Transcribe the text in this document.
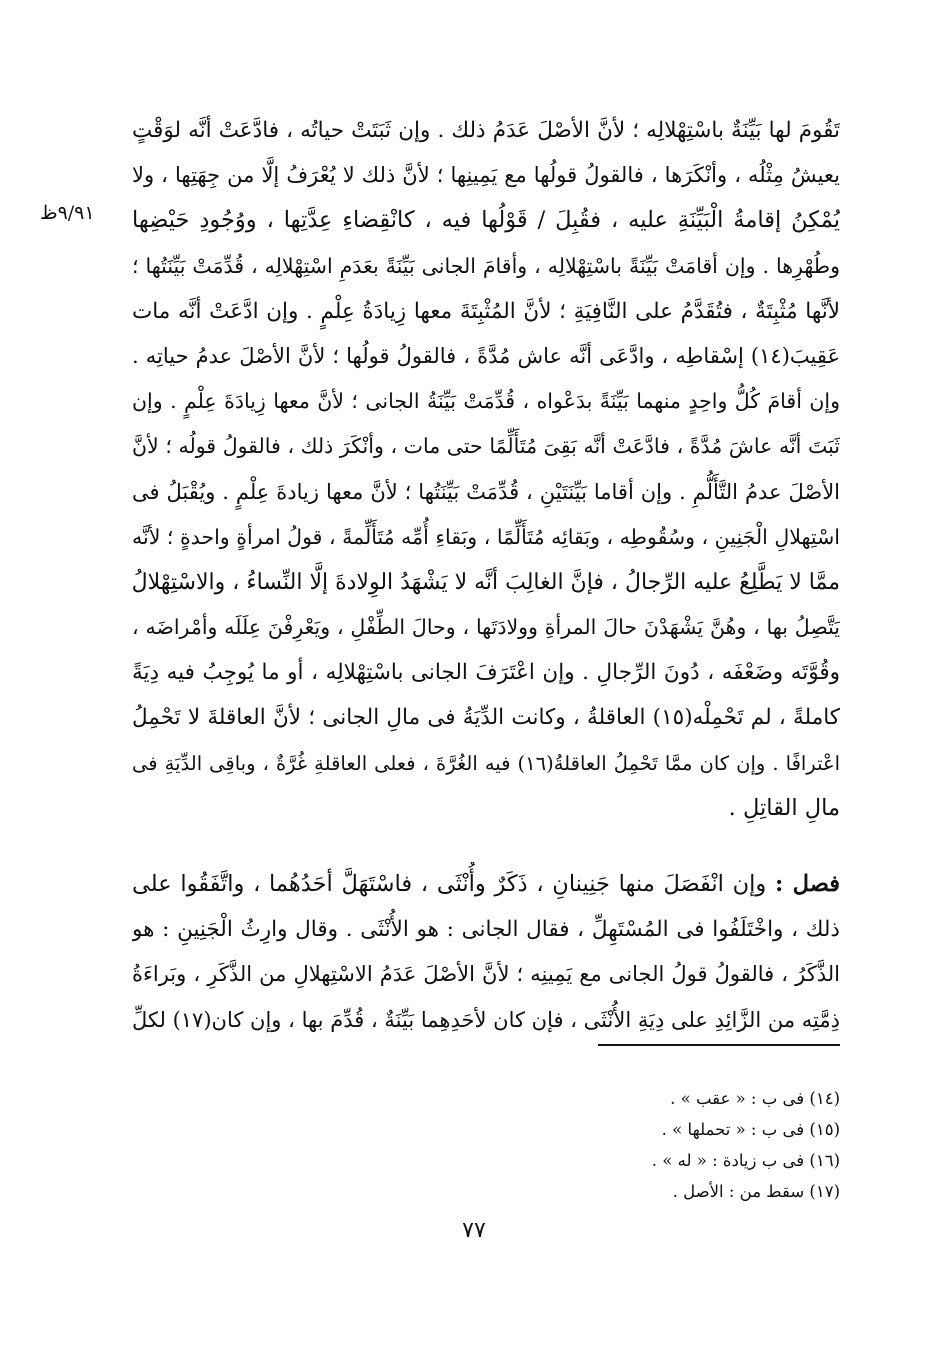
٩/٩١ظ
تَقُومَ لها بَيِّنَةٌ باسْتِهْلالِه ؛ لأنَّ الأصْلَ عَدَمُ ذلك . وإن ثَبَتَتْ حياتُه ، فادَّعَتْ أنَّه لوَقْتٍ
يعيشُ مِثْلُه ، وأنْكَرَها ، فالقولُ قولُها مع يَمِينِها ؛ لأنَّ ذلك لا يُعْرَفُ إلَّا من جِهَتِها ، ولا
يُمْكِنُ إقامةُ الْبَيِّنَةِ عليه ، فقُبِلَ / قَوْلُها فيه ، كانْقِضاءِ عِدَّتِها ، ووُجُودِ حَيْضِها
وطُهْرِها . وإن أقامَتْ بَيِّنَةً باسْتِهْلالِه ، وأقامَ الجانى بَيِّنَةً بعَدَمِ اسْتِهْلالِه ، قُدِّمَتْ بَيِّنَتُها ؛
لأنَّها مُثْبِتَةٌ ، فتُقَدَّمُ على النَّافِيَةِ ؛ لأنَّ المُثْبِتَةَ معها زِيادَةُ عِلْمٍ . وإن ادَّعَتْ أنَّه مات
عَقِيبَ(١٤) إسْقاطِه ، وادَّعَى أنَّه عاش مُدَّةً ، فالقولُ قولُها ؛ لأنَّ الأصْلَ عدمُ حياتِه .
وإن أقامَ كُلُّ واحِدٍ منهما بَيِّنَةً بدَعْواه ، قُدِّمَتْ بَيِّنَةُ الجانى ؛ لأنَّ معها زِيادَةَ عِلْمٍ . وإن
ثَبَتَ أنَّه عاشَ مُدَّةً ، فادَّعَتْ أنَّه بَقِىَ مُتَأَلِّمًا حتى مات ، وأنْكَرَ ذلك ، فالقولُ قولُه ؛ لأنَّ
الأصْلَ عدمُ التَّأَلُّمِ . وإن أقاما بَيِّنَتَيْنِ ، قُدِّمَتْ بَيِّنَتُها ؛ لأنَّ معها زيادةَ عِلْمٍ . ويُقْبَلُ فى
اسْتِهلالِ الْجَنِينِ ، وسُقُوطِه ، وبَقائِه مُتَأَلِّمًا ، وبَقاءِ أُمِّه مُتَأَلِّمةً ، قولُ امرأةٍ واحدةٍ ؛ لأنَّه
ممَّا لا يَطَّلِعُ عليه الرِّجالُ ، فإنَّ الغالِبَ أنَّه لا يَشْهَدُ الوِلادةَ إلَّا النِّساءُ ، والاسْتِهْلالُ
يَتَّصِلُ بها ، وهُنَّ يَشْهَدْنَ حالَ المرأةِ وولادَتَها ، وحالَ الطِّفْلِ ، ويَعْرِفْنَ عِلَلَه وأمْراضَه ،
وقُوَّتَه وضَعْفَه ، دُونَ الرِّجالِ . وإن اعْتَرَفَ الجانى باسْتِهْلالِه ، أو ما يُوجِبُ فيه دِيَةً
كاملةً ، لم تَحْمِلْه(١٥) العاقلةُ ، وكانت الدِّيَةُ فى مالِ الجانى ؛ لأنَّ العاقلةَ لا تَحْمِلُ
اعْترافًا . وإن كان ممَّا تَحْمِلُ العاقلةُ(١٦) فيه الغُرَّةَ ، فعلى العاقلةِ غُرَّةٌ ، وباقِى الدِّيَةِ فى
مالِ القاتِلِ .
فصل : وإن انْفَصَلَ منها جَنِينانِ ، ذَكَرٌ وأُنْثَى ، فاسْتَهَلَّ أحَدُهُما ، واتَّفَقُوا على
ذلك ، واخْتَلَفُوا فى المُسْتَهِلِّ ، فقال الجانى : هو الأُنْثَى . وقال وارِثُ الْجَنِينِ : هو
الذَّكَرُ ، فالقولُ قولُ الجانى مع يَمِينِه ؛ لأنَّ الأصْلَ عَدَمُ الاسْتِهلالِ من الذَّكَرِ ، وبَراءَةُ
ذِمَّتِه من الزَّائِدِ على دِيَةِ الأُنْثَى ، فإن كان لأحَدِهِما بَيِّنَةٌ ، قُدِّمَ بها ، وإن كان(١٧) لكلِّ
(١٤) فى ب : « عقب » .
(١٥) فى ب : « تحملها » .
(١٦) فى ب زيادة : « له » .
(١٧) سقط من : الأصل .
٧٧
